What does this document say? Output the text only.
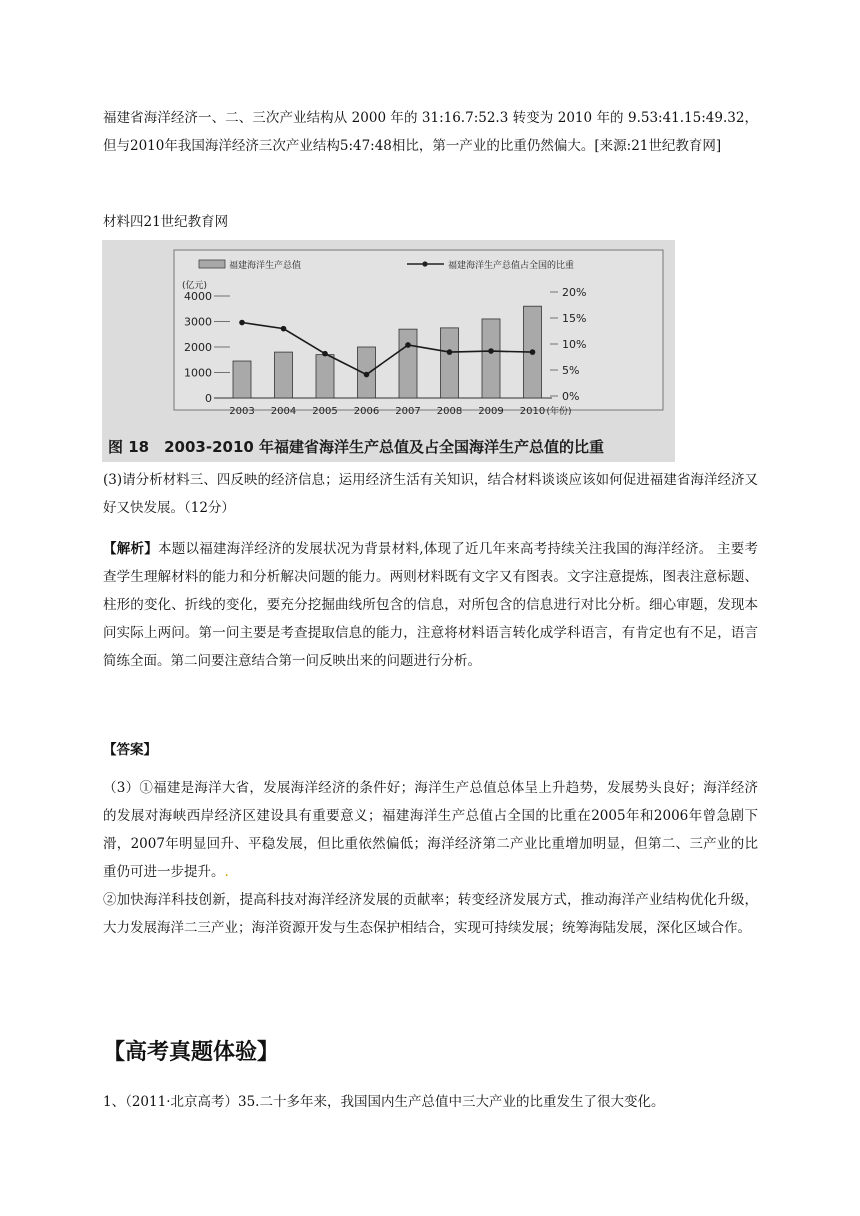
福建省海洋经济一、二、三次产业结构从 2000 年的 31:16.7:52.3 转变为 2010 年的 9.53:41.15:49.32，但与2010年我国海洋经济三次产业结构5:47:48相比，第一产业的比重仍然偏大。[来源:21世纪教育网]

材料四21世纪教育网

福建海洋生产总值	福建海洋生产总值占全国的比重
(亿元)
4000
3000
2000
1000
0
20%
15%
10%
5%
0%
2003 2004 2005 2006 2007 2008 2009 2010 (年份)
图 18　2003-2010 年福建省海洋生产总值及占全国海洋生产总值的比重

(3)请分析材料三、四反映的经济信息；运用经济生活有关知识，结合材料谈谈应该如何促进福建省海洋经济又好又快发展。（12分）

【解析】本题以福建海洋经济的发展状况为背景材料,体现了近几年来高考持续关注我国的海洋经济。 主要考查学生理解材料的能力和分析解决问题的能力。两则材料既有文字又有图表。文字注意提炼，图表注意标题、柱形的变化、折线的变化，要充分挖掘曲线所包含的信息，对所包含的信息进行对比分析。细心审题，发现本问实际上两问。第一问主要是考查提取信息的能力，注意将材料语言转化成学科语言，有肯定也有不足，语言简练全面。第二问要注意结合第一问反映出来的问题进行分析。

【答案】

（3）①福建是海洋大省，发展海洋经济的条件好；海洋生产总值总体呈上升趋势，发展势头良好；海洋经济的发展对海峡西岸经济区建设具有重要意义；福建海洋生产总值占全国的比重在2005年和2006年曾急剧下滑，2007年明显回升、平稳发展，但比重依然偏低；海洋经济第二产业比重增加明显，但第二、三产业的比重仍可进一步提升。.

②加快海洋科技创新，提高科技对海洋经济发展的贡献率；转变经济发展方式，推动海洋产业结构优化升级，大力发展海洋二三产业；海洋资源开发与生态保护相结合，实现可持续发展；统筹海陆发展，深化区域合作。

【高考真题体验】

1、（2011·北京高考）35.二十多年来，我国国内生产总值中三大产业的比重发生了很大变化。
